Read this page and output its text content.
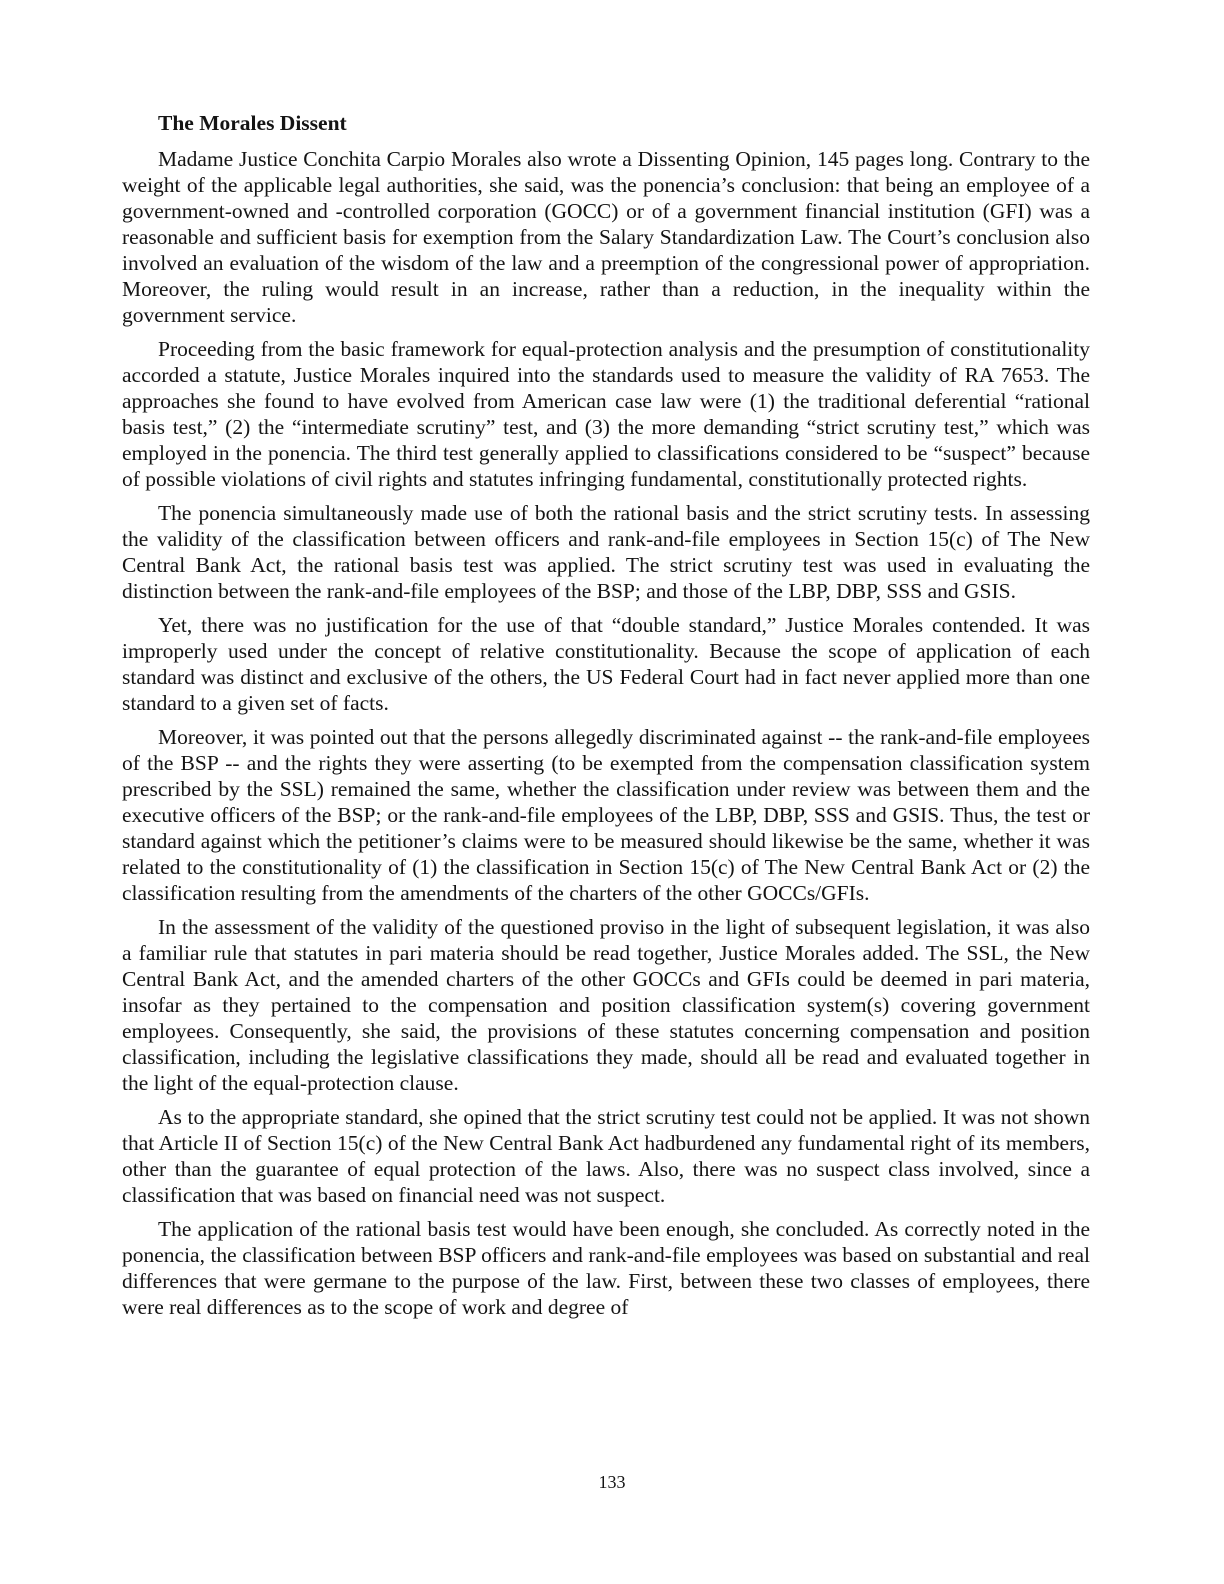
The Morales Dissent

Madame Justice Conchita Carpio Morales also wrote a Dissenting Opinion, 145 pages long. Contrary to the weight of the applicable legal authorities, she said, was the ponencia’s conclusion: that being an employee of a government-owned and -controlled corporation (GOCC) or of a government financial institution (GFI) was a reasonable and sufficient basis for exemption from the Salary Standardization Law. The Court’s conclusion also involved an evaluation of the wisdom of the law and a preemption of the congressional power of appropriation. Moreover, the ruling would result in an increase, rather than a reduction, in the inequality within the government service.

Proceeding from the basic framework for equal-protection analysis and the presumption of constitutionality accorded a statute, Justice Morales inquired into the standards used to measure the validity of RA 7653. The approaches she found to have evolved from American case law were (1) the traditional deferential “rational basis test,” (2) the “intermediate scrutiny” test, and (3) the more demanding “strict scrutiny test,” which was employed in the ponencia. The third test generally applied to classifications considered to be “suspect” because of possible violations of civil rights and statutes infringing fundamental, constitutionally protected rights.

The ponencia simultaneously made use of both the rational basis and the strict scrutiny tests. In assessing the validity of the classification between officers and rank-and-file employees in Section 15(c) of The New Central Bank Act, the rational basis test was applied. The strict scrutiny test was used in evaluating the distinction between the rank-and-file employees of the BSP; and those of the LBP, DBP, SSS and GSIS.

Yet, there was no justification for the use of that “double standard,” Justice Morales contended. It was improperly used under the concept of relative constitutionality. Because the scope of application of each standard was distinct and exclusive of the others, the US Federal Court had in fact never applied more than one standard to a given set of facts.

Moreover, it was pointed out that the persons allegedly discriminated against -- the rank-and-file employees of the BSP -- and the rights they were asserting (to be exempted from the compensation classification system prescribed by the SSL) remained the same, whether the classification under review was between them and the executive officers of the BSP; or the rank-and-file employees of the LBP, DBP, SSS and GSIS. Thus, the test or standard against which the petitioner’s claims were to be measured should likewise be the same, whether it was related to the constitutionality of (1) the classification in Section 15(c) of The New Central Bank Act or (2) the classification resulting from the amendments of the charters of the other GOCCs/GFIs.

In the assessment of the validity of the questioned proviso in the light of subsequent legislation, it was also a familiar rule that statutes in pari materia should be read together, Justice Morales added. The SSL, the New Central Bank Act, and the amended charters of the other GOCCs and GFIs could be deemed in pari materia, insofar as they pertained to the compensation and position classification system(s) covering government employees. Consequently, she said, the provisions of these statutes concerning compensation and position classification, including the legislative classifications they made, should all be read and evaluated together in the light of the equal-protection clause.

As to the appropriate standard, she opined that the strict scrutiny test could not be applied. It was not shown that Article II of Section 15(c) of the New Central Bank Act hadburdened any fundamental right of its members, other than the guarantee of equal protection of the laws. Also, there was no suspect class involved, since a classification that was based on financial need was not suspect.

The application of the rational basis test would have been enough, she concluded. As correctly noted in the ponencia, the classification between BSP officers and rank-and-file employees was based on substantial and real differences that were germane to the purpose of the law. First, between these two classes of employees, there were real differences as to the scope of work and degree of

133
